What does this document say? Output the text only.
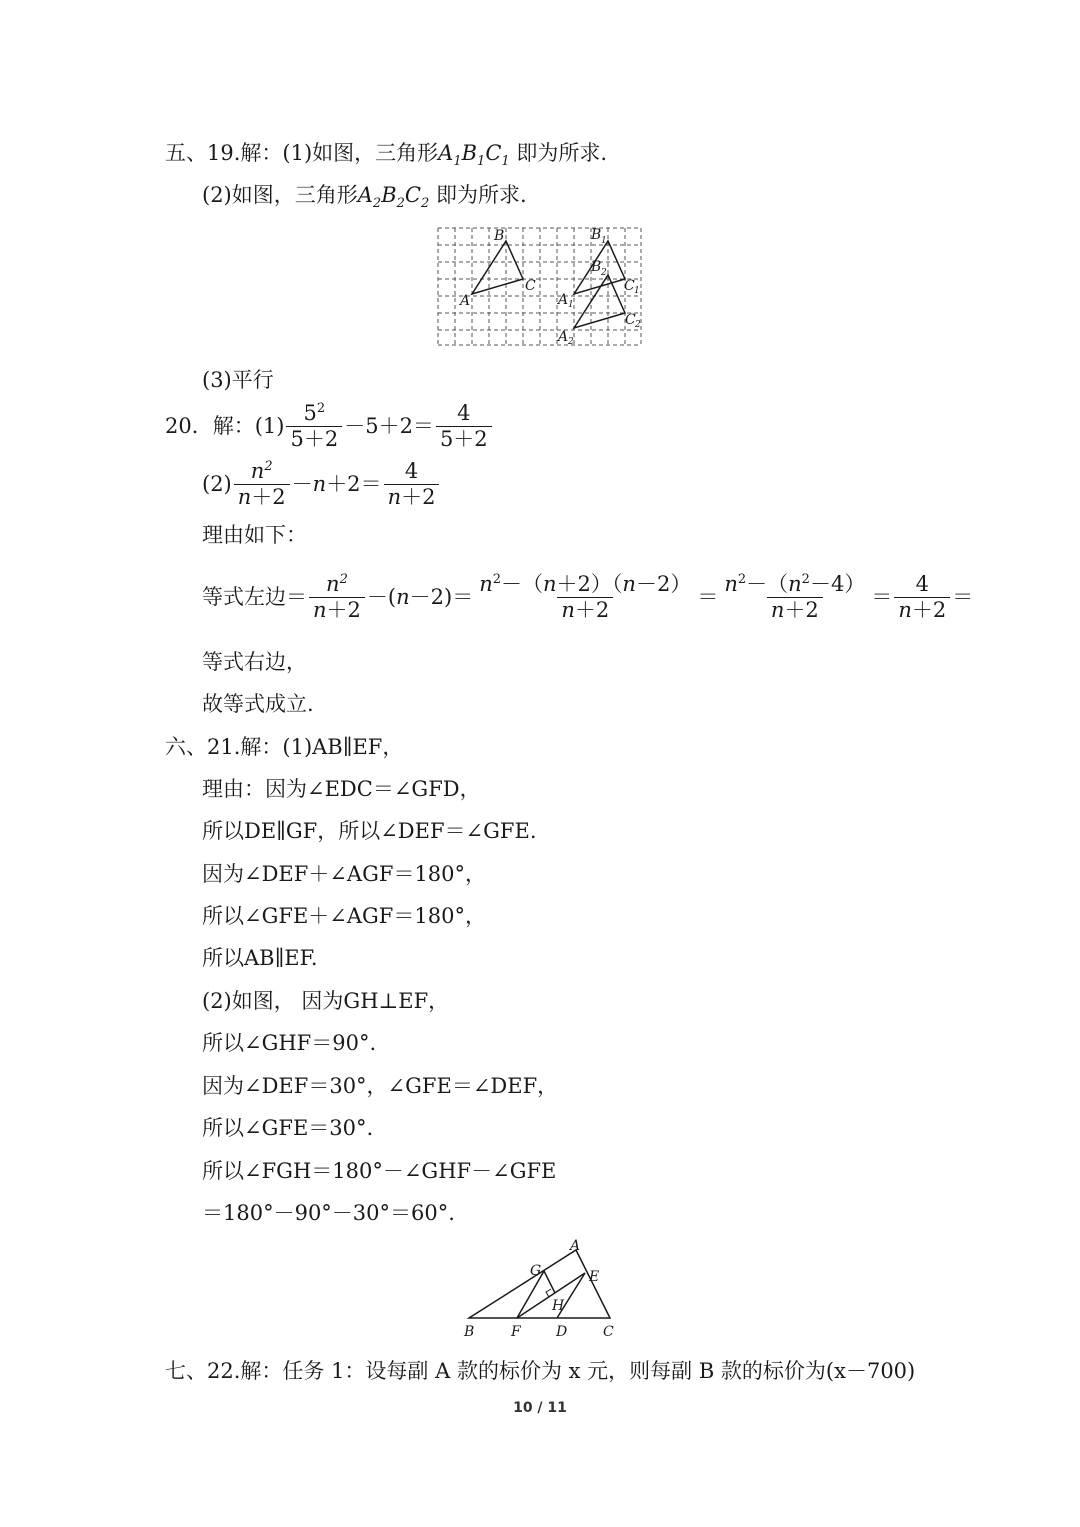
五、19.解：(1)如图，三角形$A_1B_1C_1$ 即为所求.
(2)如图，三角形$A_2B_2C_2$ 即为所求.
B
C
A
B
B
C
A
C
A
1
2
1
1
2
2
(3)平行
20．解：$(1) \frac{5^2}{5+2} -5+2= \frac{4}{5+2}$
$(2) \frac{n^2}{n+2} -n+2= \frac{4}{n+2}$
理由如下：
等式左边＝ $\frac{n^2}{n+2} -(n-2)= \frac{n^2-(n+2)(n-2)}{n+2} = \frac{n^2-(n^2-4)}{n+2} = \frac{4}{n+2}$ ＝
等式右边，
故等式成立.
六、21.解：(1)AB∥EF，
理由：因为∠EDC＝∠GFD，
所以DE∥GF，所以∠DEF＝∠GFE.
因为∠DEF＋∠AGF＝180°，
所以∠GFE＋∠AGF＝180°，
所以AB∥EF.
(2)如图， 因为GH⊥EF，
所以∠GHF＝90°.
因为∠DEF＝30°，∠GFE＝∠DEF，
所以∠GFE＝30°.
所以∠FGH＝180°－∠GHF－∠GFE
＝180°－90°－30°＝60°.
A
G	E
H
B	F	D	C
七、22.解：任务 1：设每副 A 款的标价为 x 元，则每副 B 款的标价为(x－700)
10 / 11
